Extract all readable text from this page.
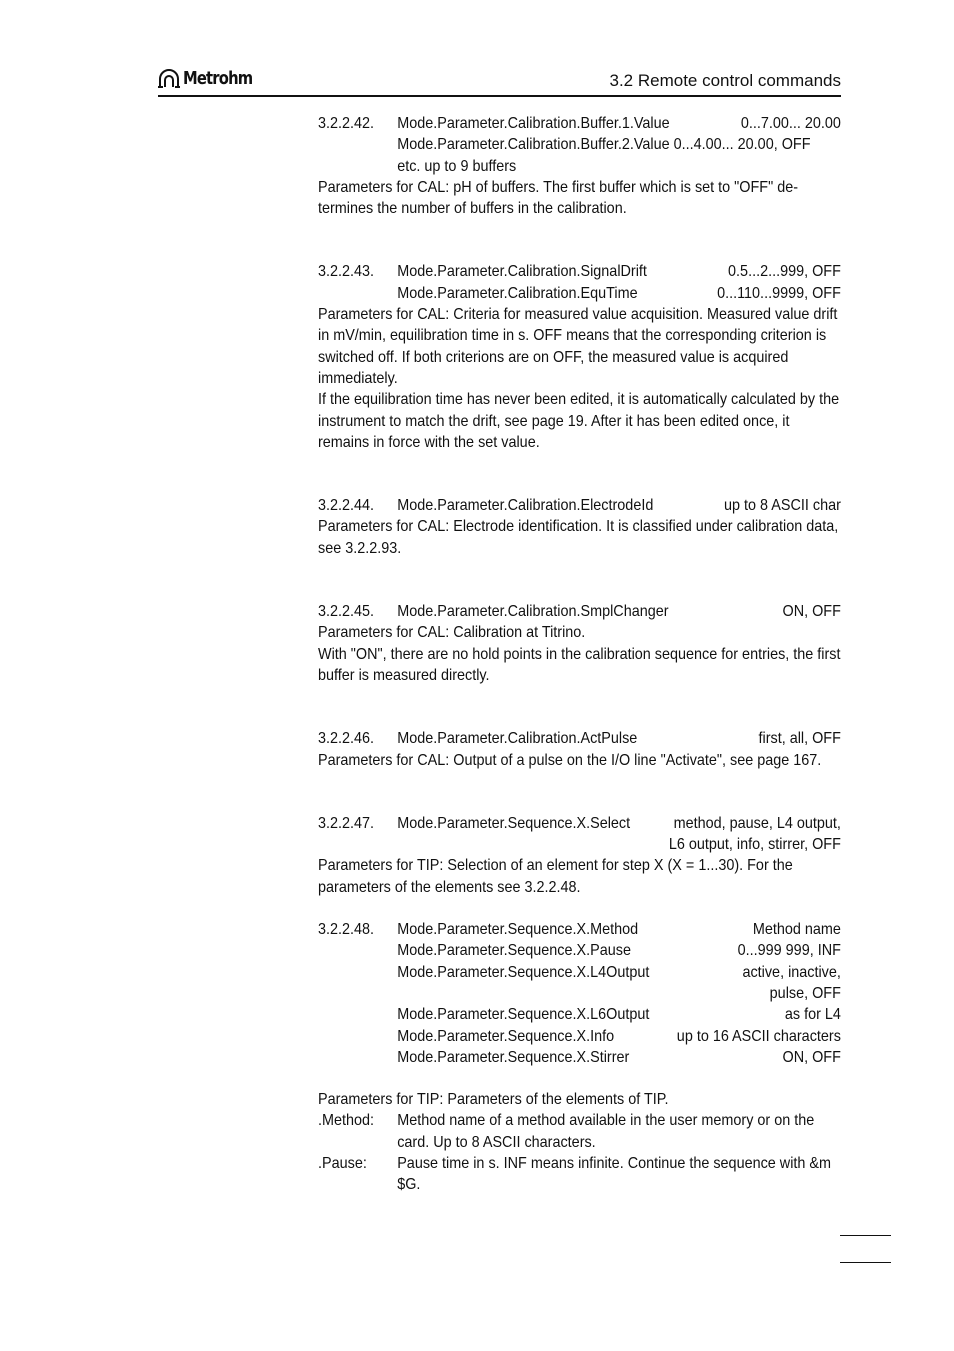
Metrohm	3.2 Remote control commands
3.2.2.42.	Mode.Parameter.Calibration.Buffer.1.Value	0...7.00... 20.00
Mode.Parameter.Calibration.Buffer.2.Value 0...4.00... 20.00, OFF
etc. up to 9 buffers

Parameters for CAL: pH of buffers. The first buffer which is set to "OFF" de-termines the number of buffers in the calibration.

3.2.2.43.	Mode.Parameter.Calibration.SignalDrift	0.5...2...999, OFF
Mode.Parameter.Calibration.EquTime	0...110...9999, OFF

Parameters for CAL: Criteria for measured value acquisition. Measured value drift in mV/min, equilibration time in s. OFF means that the corresponding criterion is switched off. If both criterions are on OFF, the measured value is acquired immediately.

If the equilibration time has never been edited, it is automatically calculated by the instrument to match the drift, see page 19. After it has been edited once, it remains in force with the set value.

3.2.2.44.	Mode.Parameter.Calibration.ElectrodeId	up to 8 ASCII char

Parameters for CAL: Electrode identification. It is classified under calibration data, see 3.2.2.93.

3.2.2.45.	Mode.Parameter.Calibration.SmplChanger	ON, OFF

Parameters for CAL: Calibration at Titrino.

With "ON", there are no hold points in the calibration sequence for entries, the first buffer is measured directly.

3.2.2.46.	Mode.Parameter.Calibration.ActPulse	first, all, OFF

Parameters for CAL: Output of a pulse on the I/O line "Activate", see page 167.

3.2.2.47.	Mode.Parameter.Sequence.X.Select	method, pause, L4 output,
L6 output, info, stirrer, OFF

Parameters for TIP: Selection of an element for step X (X = 1...30). For the parameters of the elements see 3.2.2.48.

3.2.2.48.	Mode.Parameter.Sequence.X.Method	Method name
Mode.Parameter.Sequence.X.Pause	0...999 999, INF
Mode.Parameter.Sequence.X.L4Output	active, inactive,
pulse, OFF
Mode.Parameter.Sequence.X.L6Output	as for L4
Mode.Parameter.Sequence.X.Info	up to 16 ASCII characters
Mode.Parameter.Sequence.X.Stirrer	ON, OFF

Parameters for TIP: Parameters of the elements of TIP.

.Method:	Method name of a method available in the user memory or on the card. Up to 8 ASCII characters.
.Pause:	Pause time in s. INF means infinite. Continue the sequence with &m $G.
